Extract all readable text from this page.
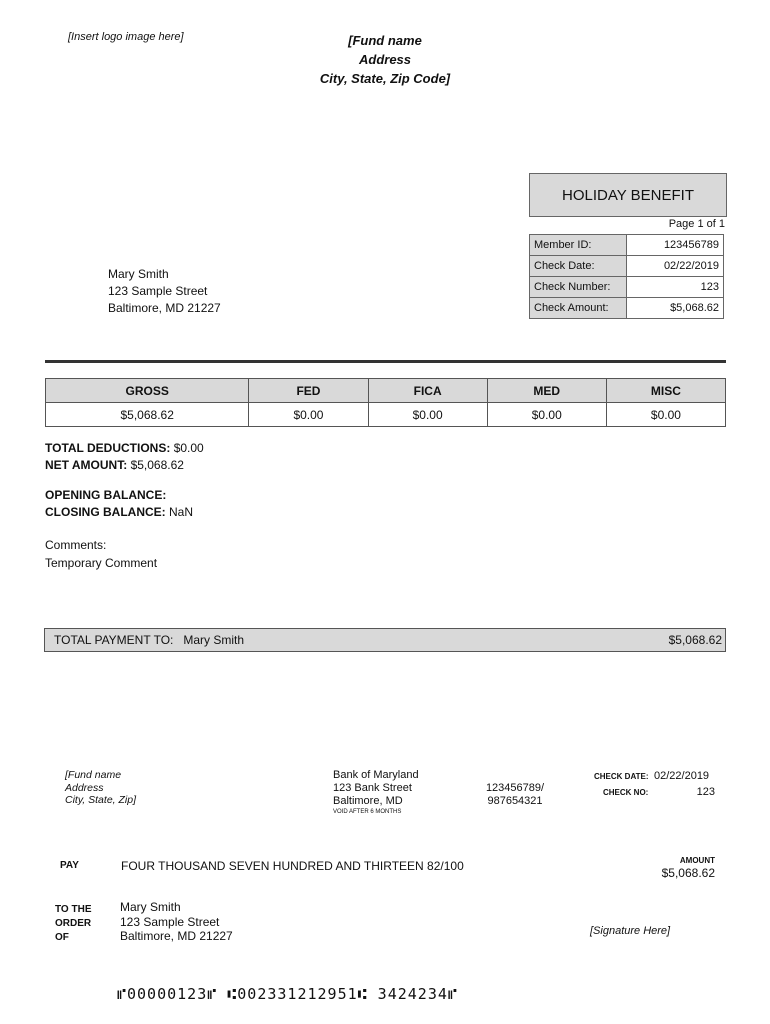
[Insert logo image here]	[Fund name
Address
City, State, Zip Code]
HOLIDAY BENEFIT
Page 1 of 1
Member ID:	123456789
Check Date:	02/22/2019
Check Number:	123
Check Amount:	$5,068.62
Mary Smith
123 Sample Street
Baltimore, MD 21227
GROSS	FED	FICA	MED	MISC
$5,068.62	$0.00	$0.00	$0.00	$0.00
TOTAL DEDUCTIONS: $0.00
NET AMOUNT: $5,068.62
OPENING BALANCE:
CLOSING BALANCE: NaN
Comments:
Temporary Comment
TOTAL PAYMENT TO: Mary Smith	$5,068.62
[Fund name
Address
City, State, Zip]
Bank of Maryland
123 Bank Street
Baltimore, MD
VOID AFTER 6 MONTHS
123456789/
987654321
CHECK DATE: 02/22/2019
CHECK NO:	123
PAY	FOUR THOUSAND SEVEN HUNDRED AND THIRTEEN 82/100	AMOUNT
$5,068.62
TO THE
ORDER
OF
Mary Smith
123 Sample Street
Baltimore, MD 21227	[Signature Here]
⑈00000123⑈ ⑆002331212951⑆ 3424234⑈
